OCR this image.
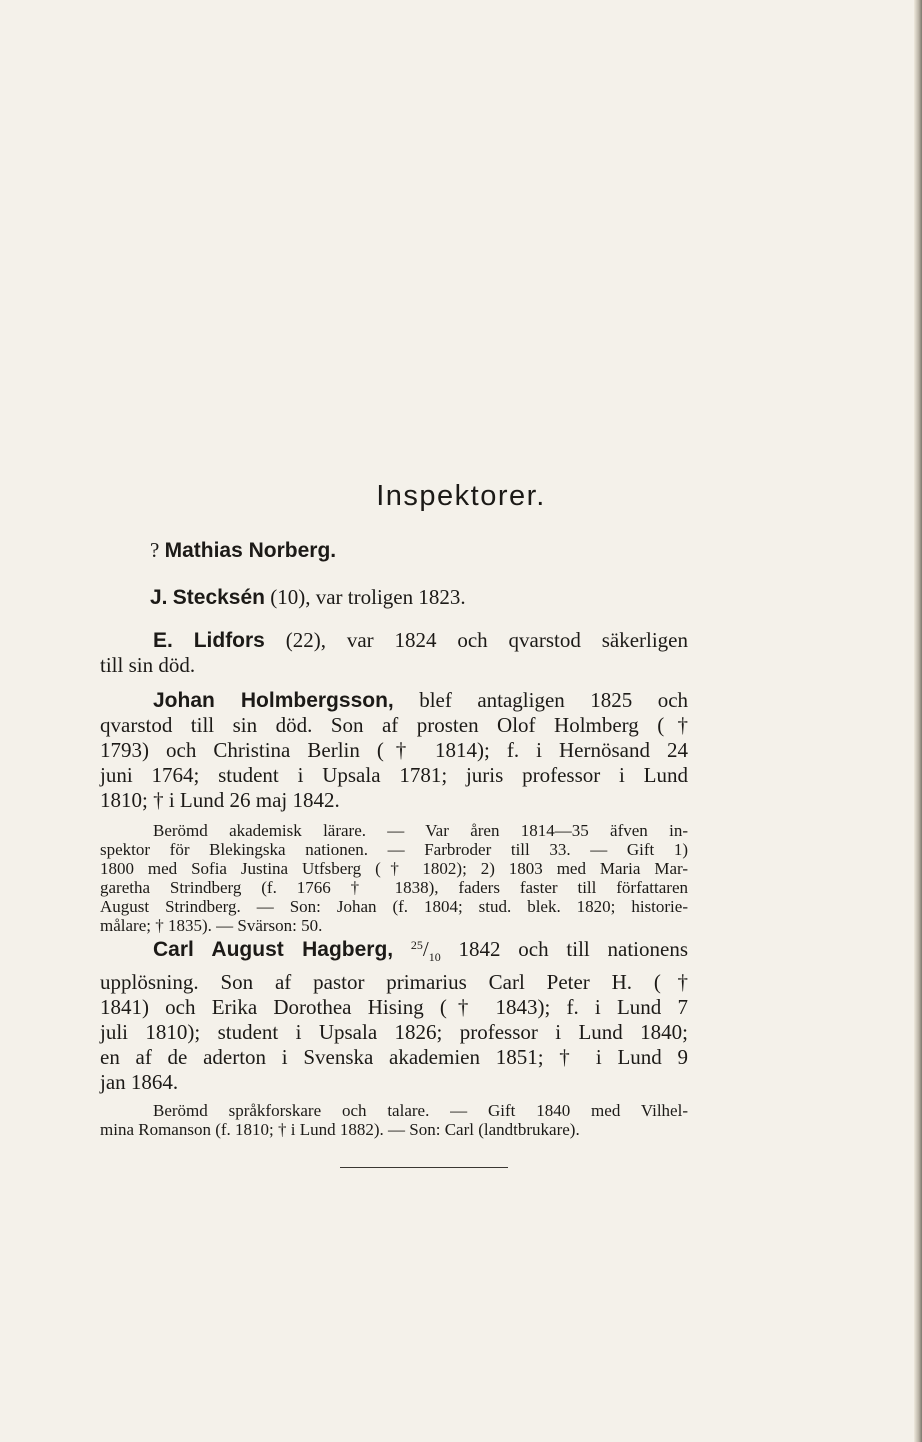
Inspektorer.
? Mathias Norberg.
J. Stecksén (10), var troligen 1823.
E. Lidfors (22), var 1824 och qvarstod säkerligen
till sin död.
Johan Holmbergsson, blef antagligen 1825 och
qvarstod till sin död. Son af prosten Olof Holmberg (†
1793) och Christina Berlin († 1814); f. i Hernösand 24
juni 1764; student i Upsala 1781; juris professor i Lund
1810; † i Lund 26 maj 1842.
Berömd akademisk lärare. — Var åren 1814—35 äfven in-
spektor för Blekingska nationen. — Farbroder till 33. — Gift 1)
1800 med Sofia Justina Utfsberg († 1802); 2) 1803 med Maria Mar-
garetha Strindberg (f. 1766 † 1838), faders faster till författaren
August Strindberg. — Son: Johan (f. 1804; stud. blek. 1820; historie-
målare; † 1835). — Svärson: 50.
Carl August Hagberg, $^{25}/_{10}$ 1842 och till nationens
upplösning. Son af pastor primarius Carl Peter H. (†
1841) och Erika Dorothea Hising († 1843); f. i Lund 7
juli 1810); student i Upsala 1826; professor i Lund 1840;
en af de aderton i Svenska akademien 1851; † i Lund 9
jan 1864.
Berömd språkforskare och talare. — Gift 1840 med Vilhel-
mina Romanson (f. 1810; † i Lund 1882). — Son: Carl (landtbrukare).
